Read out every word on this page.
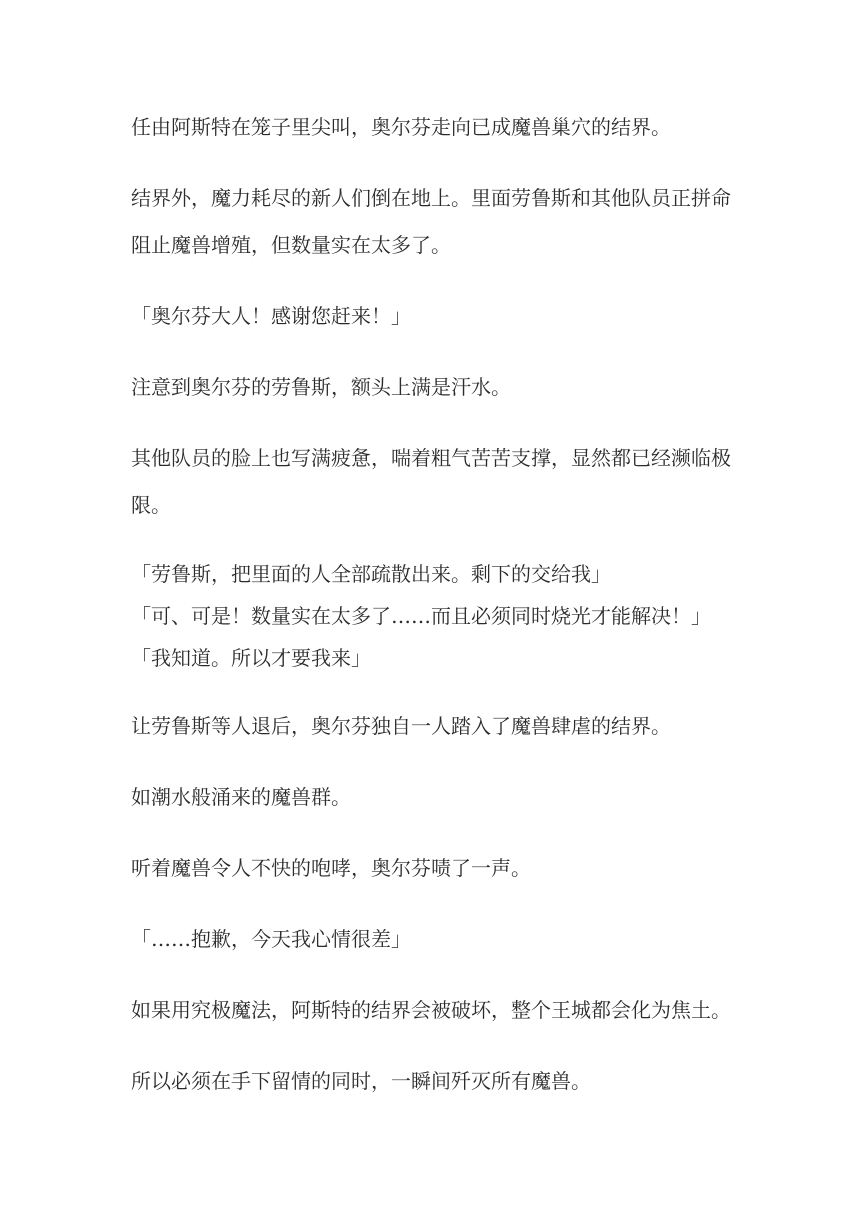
任由阿斯特在笼子里尖叫，奥尔芬走向已成魔兽巢穴的结界。

结界外，魔力耗尽的新人们倒在地上。里面劳鲁斯和其他队员正拼命阻止魔兽增殖，但数量实在太多了。

「奥尔芬大人！感谢您赶来！」

注意到奥尔芬的劳鲁斯，额头上满是汗水。

其他队员的脸上也写满疲惫，喘着粗气苦苦支撑，显然都已经濒临极限。

「劳鲁斯，把里面的人全部疏散出来。剩下的交给我」

「可、可是！数量实在太多了……而且必须同时烧光才能解决！」

「我知道。所以才要我来」

让劳鲁斯等人退后，奥尔芬独自一人踏入了魔兽肆虐的结界。

如潮水般涌来的魔兽群。

听着魔兽令人不快的咆哮，奥尔芬啧了一声。

「……抱歉，今天我心情很差」

如果用究极魔法，阿斯特的结界会被破坏，整个王城都会化为焦土。

所以必须在手下留情的同时，一瞬间歼灭所有魔兽。
